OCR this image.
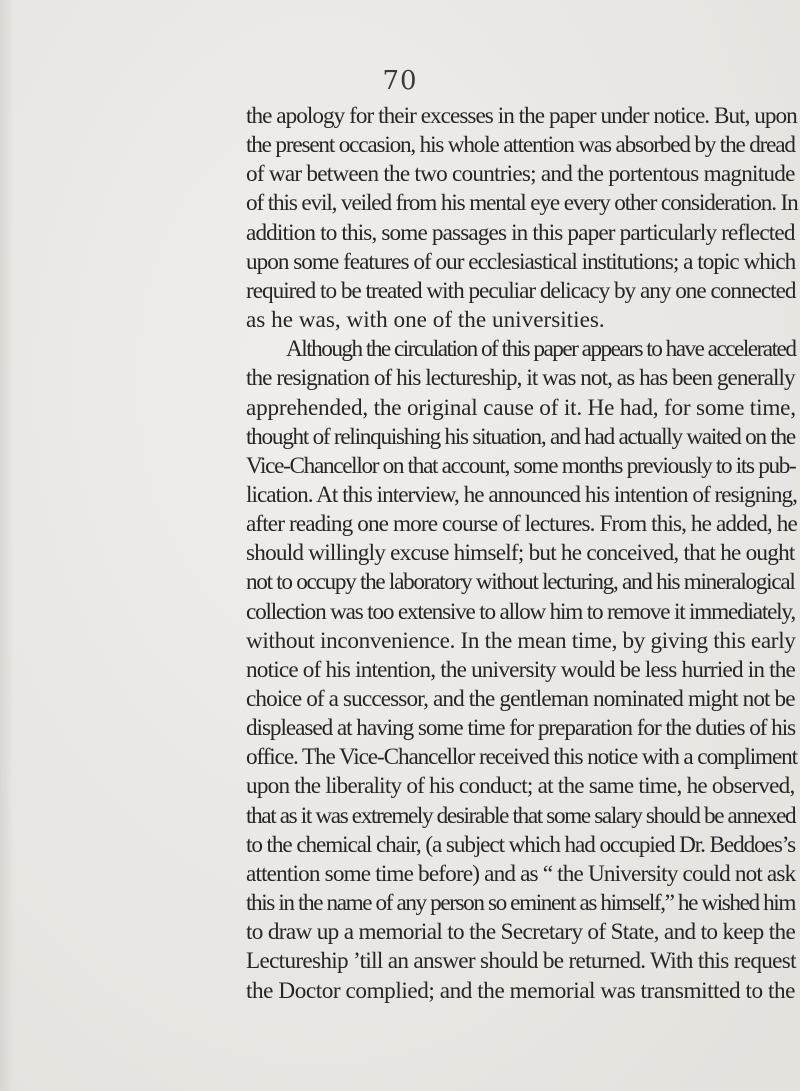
70
the apology for their excesses in the paper under notice. But, upon
the present occasion, his whole attention was absorbed by the dread
of war between the two countries; and the portentous magnitude
of this evil, veiled from his mental eye every other consideration. In
addition to this, some passages in this paper particularly reflected
upon some features of our ecclesiastical institutions; a topic which
required to be treated with peculiar delicacy by any one connected
as he was, with one of the universities.
Although the circulation of this paper appears to have accelerated
the resignation of his lectureship, it was not, as has been generally
apprehended, the original cause of it. He had, for some time,
thought of relinquishing his situation, and had actually waited on the
Vice-Chancellor on that account, some months previously to its pub-
lication. At this interview, he announced his intention of resigning,
after reading one more course of lectures. From this, he added, he
should willingly excuse himself; but he conceived, that he ought
not to occupy the laboratory without lecturing, and his mineralogical
collection was too extensive to allow him to remove it immediately,
without inconvenience. In the mean time, by giving this early
notice of his intention, the university would be less hurried in the
choice of a successor, and the gentleman nominated might not be
displeased at having some time for preparation for the duties of his
office. The Vice-Chancellor received this notice with a compliment
upon the liberality of his conduct; at the same time, he observed,
that as it was extremely desirable that some salary should be annexed
to the chemical chair, (a subject which had occupied Dr. Beddoes’s
attention some time before) and as “ the University could not ask
this in the name of any person so eminent as himself,” he wished him
to draw up a memorial to the Secretary of State, and to keep the
Lectureship ’till an answer should be returned. With this request
the Doctor complied; and the memorial was transmitted to the
